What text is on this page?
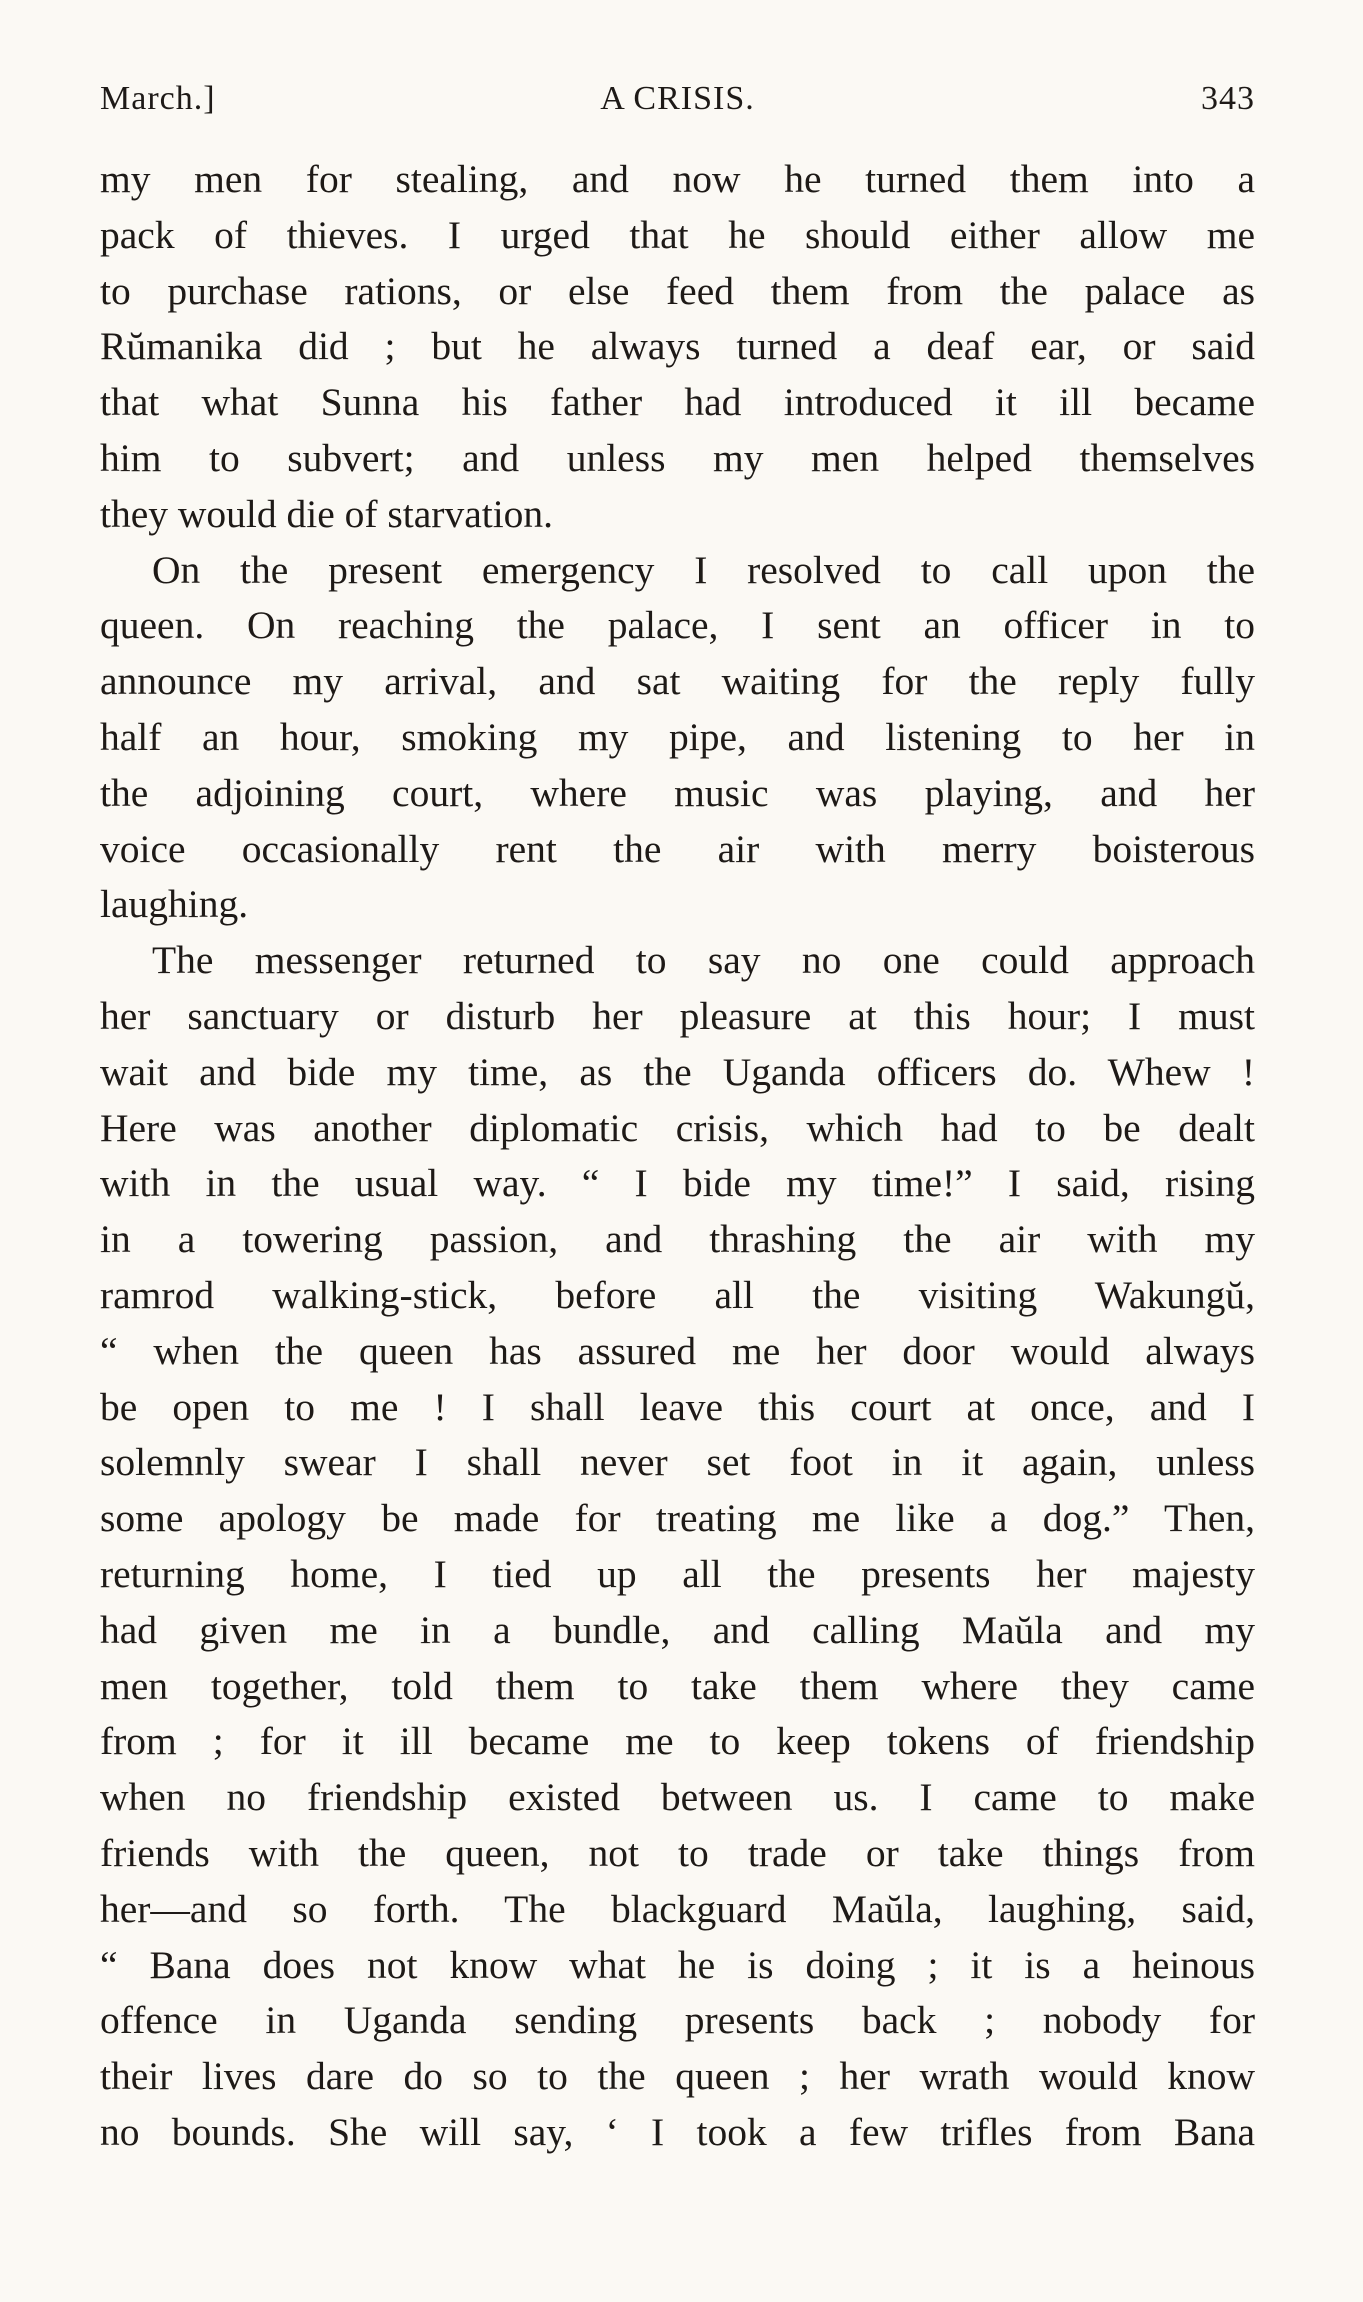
March.]	A CRISIS.	343
my men for stealing, and now he turned them into a
pack of thieves. I urged that he should either allow me
to purchase rations, or else feed them from the palace as
Rŭmanika did ; but he always turned a deaf ear, or said
that what Sunna his father had introduced it ill became
him to subvert; and unless my men helped themselves
they would die of starvation.
On the present emergency I resolved to call upon the
queen. On reaching the palace, I sent an officer in to
announce my arrival, and sat waiting for the reply fully
half an hour, smoking my pipe, and listening to her in
the adjoining court, where music was playing, and her
voice occasionally rent the air with merry boisterous
laughing.
The messenger returned to say no one could approach
her sanctuary or disturb her pleasure at this hour; I must
wait and bide my time, as the Uganda officers do. Whew !
Here was another diplomatic crisis, which had to be dealt
with in the usual way. “ I bide my time!” I said, rising
in a towering passion, and thrashing the air with my
ramrod walking-stick, before all the visiting Wakungŭ,
“ when the queen has assured me her door would always
be open to me ! I shall leave this court at once, and I
solemnly swear I shall never set foot in it again, unless
some apology be made for treating me like a dog.” Then,
returning home, I tied up all the presents her majesty
had given me in a bundle, and calling Maŭla and my
men together, told them to take them where they came
from ; for it ill became me to keep tokens of friendship
when no friendship existed between us. I came to make
friends with the queen, not to trade or take things from
her—and so forth. The blackguard Maŭla, laughing, said,
“ Bana does not know what he is doing ; it is a heinous
offence in Uganda sending presents back ; nobody for
their lives dare do so to the queen ; her wrath would know
no bounds. She will say, ‘ I took a few trifles from Bana
